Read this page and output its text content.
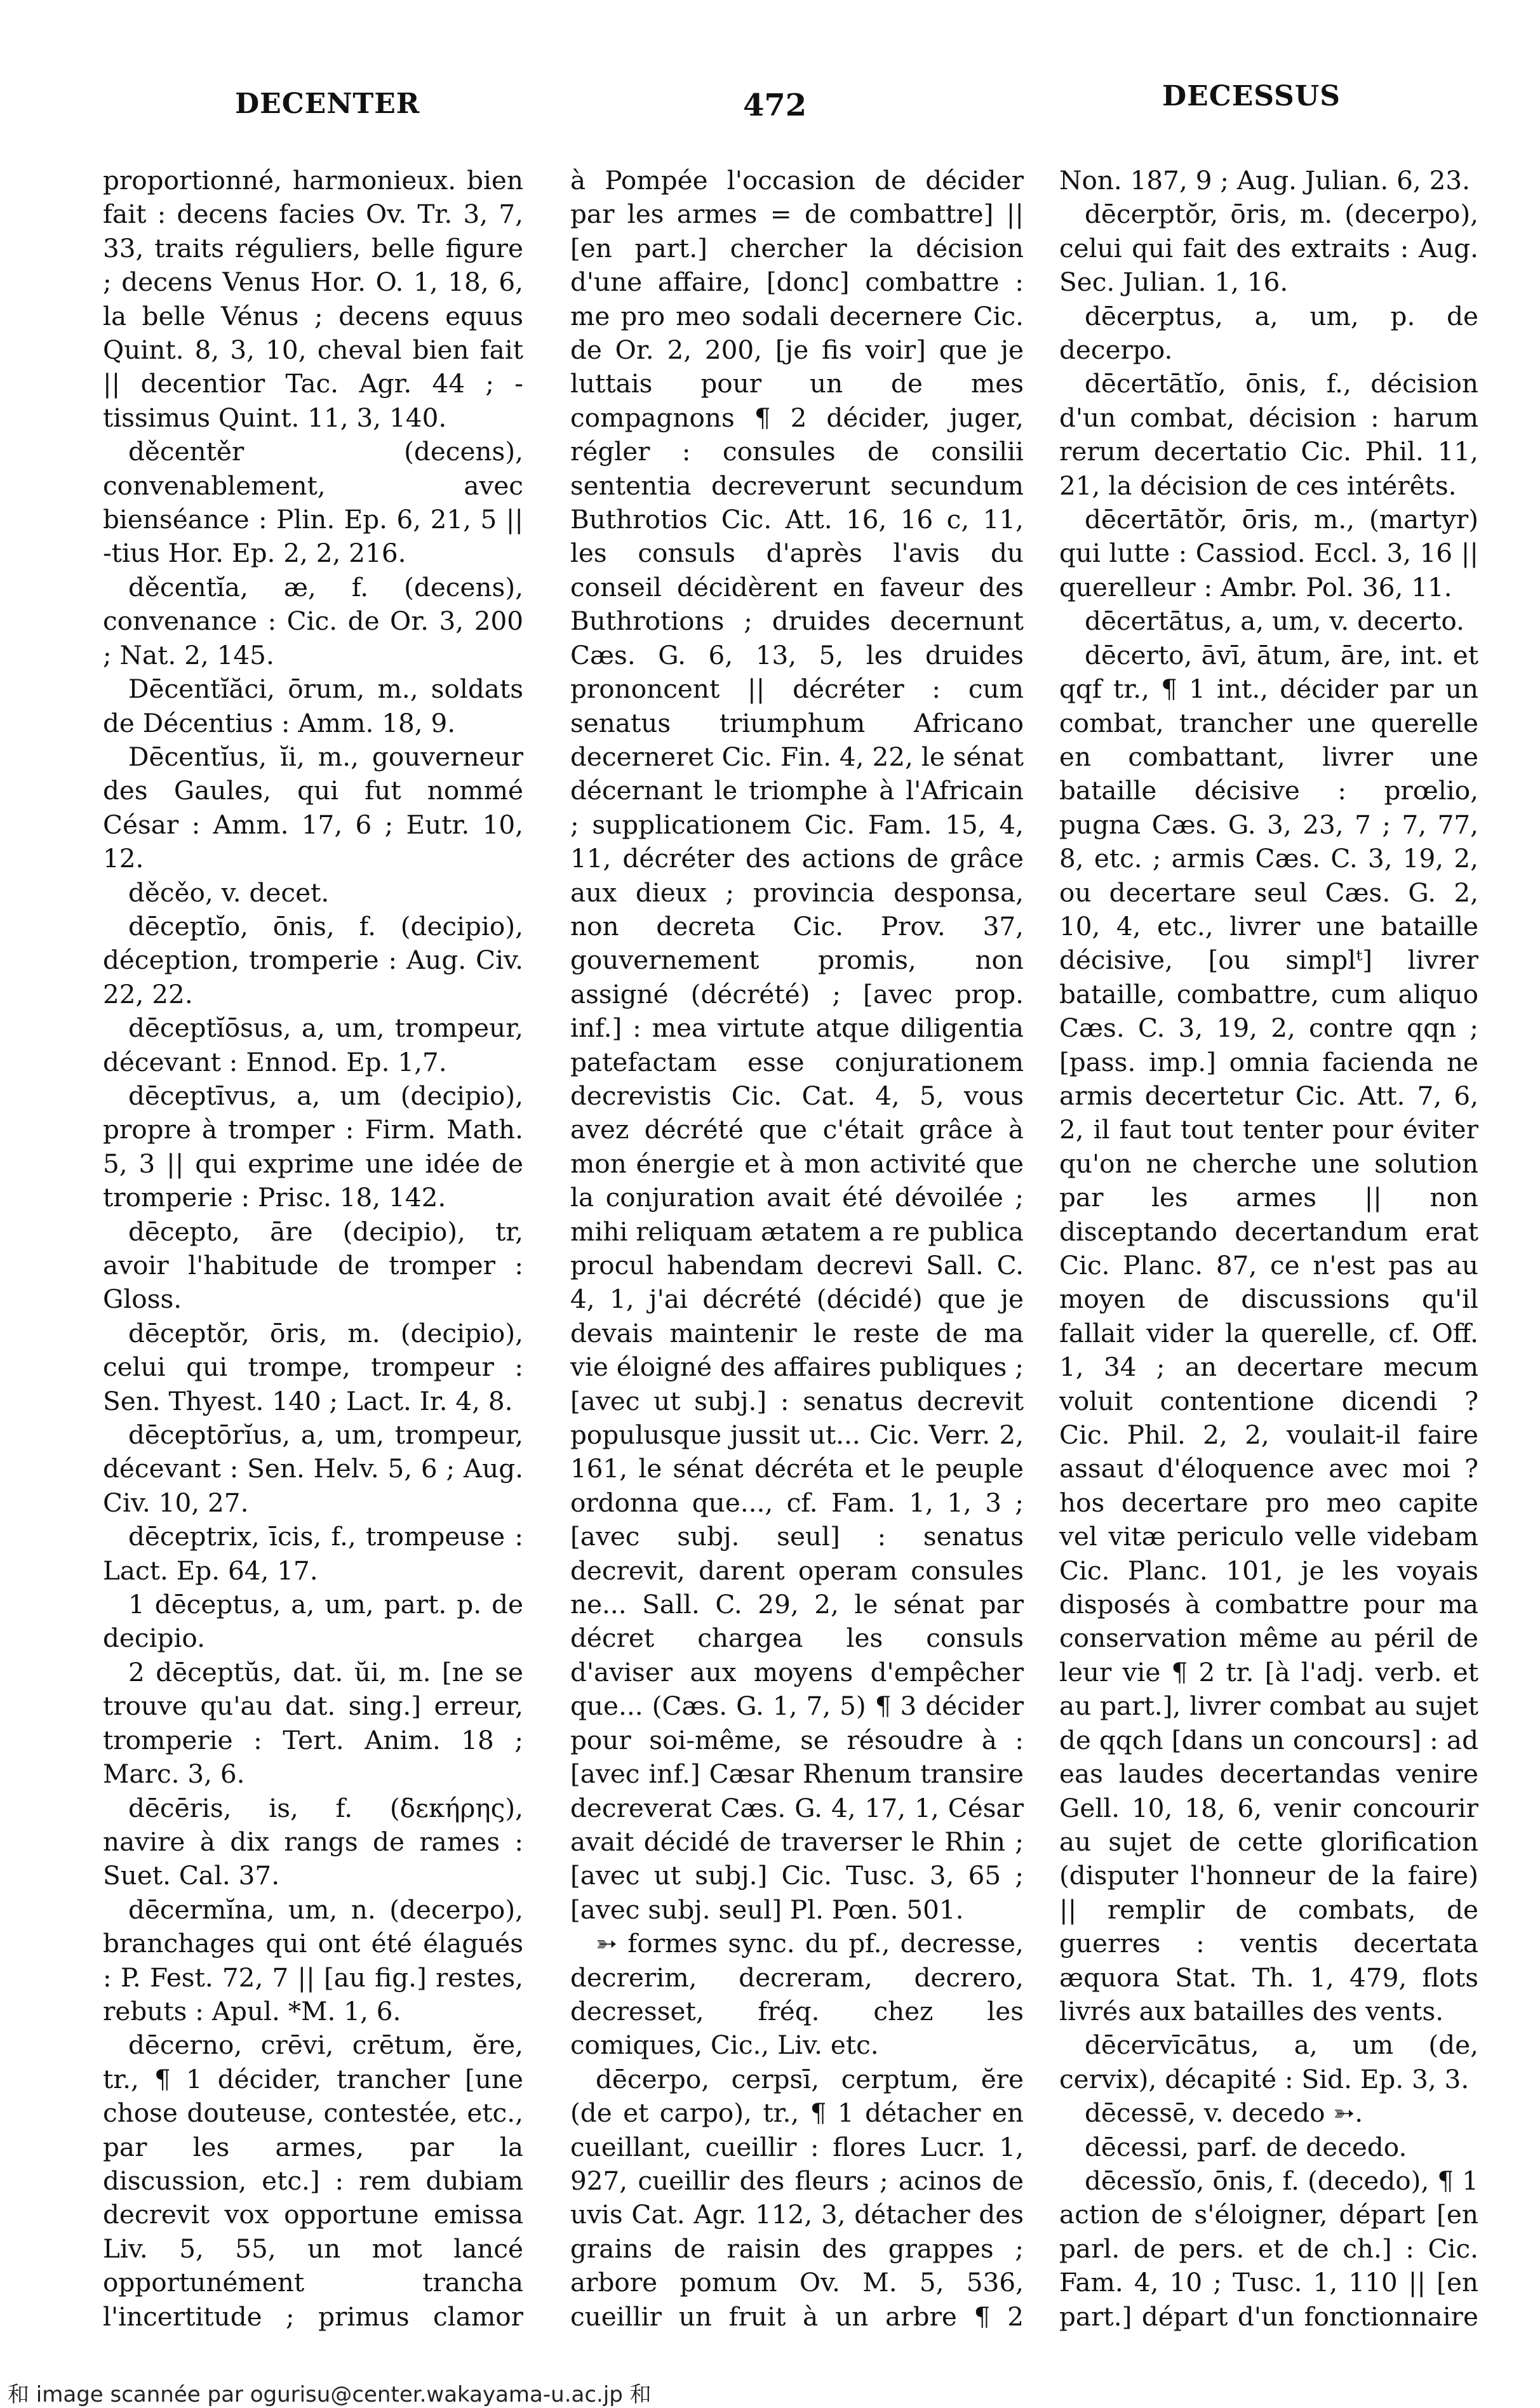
DECENTER	472	DECESSUS

proportionné, harmonieux. bien fait : decens facies Ov. Tr. 3, 7, 33, traits réguliers, belle figure ; decens Venus Hor. O. 1, 18, 6, la belle Vénus ; decens equus Quint. 8, 3, 10, cheval bien fait || decentior Tac. Agr. 44 ; -tissimus Quint. 11, 3, 140.

děcentěr (decens), convenablement, avec bienséance : Plin. Ep. 6, 21, 5 || -tius Hor. Ep. 2, 2, 216.

děcentĭa, æ, f. (decens), convenance : Cic. de Or. 3, 200 ; Nat. 2, 145.

Dēcentĭăci, ōrum, m., soldats de Décentius : Amm. 18, 9.

Dēcentĭus, ĭi, m., gouverneur des Gaules, qui fut nommé César : Amm. 17, 6 ; Eutr. 10, 12.

děcěo, v. decet.

dēceptĭo, ōnis, f. (decipio), déception, tromperie : Aug. Civ. 22, 22.

dēceptĭōsus, a, um, trompeur, décevant : Ennod. Ep. 1,7.

dēceptīvus, a, um (decipio), propre à tromper : Firm. Math. 5, 3 || qui exprime une idée de tromperie : Prisc. 18, 142.

dēcepto, āre (decipio), tr, avoir l'habitude de tromper : Gloss.

dēceptŏr, ōris, m. (decipio), celui qui trompe, trompeur : Sen. Thyest. 140 ; Lact. Ir. 4, 8.

dēceptōrĭus, a, um, trompeur, décevant : Sen. Helv. 5, 6 ; Aug. Civ. 10, 27.

dēceptrix, īcis, f., trompeuse : Lact. Ep. 64, 17.

1 dēceptus, a, um, part. p. de decipio.

2 dēceptŭs, dat. ŭi, m. [ne se trouve qu'au dat. sing.] erreur, tromperie : Tert. Anim. 18 ; Marc. 3, 6.

dēcēris, is, f. (δεκήρης), navire à dix rangs de rames : Suet. Cal. 37.

dēcermĭna, um, n. (decerpo), branchages qui ont été élagués : P. Fest. 72, 7 || [au fig.] restes, rebuts : Apul. *M. 1, 6.

dēcerno, crēvi, crētum, ĕre, tr., ¶ 1 décider, trancher [une chose douteuse, contestée, etc., par les armes, par la discussion, etc.] : rem dubiam decrevit vox opportune emissa Liv. 5, 55, un mot lancé opportunément trancha l'incertitude ; primus clamor

à Pompée l'occasion de décider par les armes = de combattre] || [en part.] chercher la décision d'une affaire, [donc] combattre : me pro meo sodali decernere Cic. de Or. 2, 200, [je fis voir] que je luttais pour un de mes compagnons ¶ 2 décider, juger, régler : consules de consilii sententia decreverunt secundum Buthrotios Cic. Att. 16, 16 c, 11, les consuls d'après l'avis du conseil décidèrent en faveur des Buthrotions ; druides decernunt Cæs. G. 6, 13, 5, les druides prononcent || décréter : cum senatus triumphum Africano decerneret Cic. Fin. 4, 22, le sénat décernant le triomphe à l'Africain ; supplicationem Cic. Fam. 15, 4, 11, décréter des actions de grâce aux dieux ; provincia desponsa, non decreta Cic. Prov. 37, gouvernement promis, non assigné (décrété) ; [avec prop. inf.] : mea virtute atque diligentia patefactam esse conjurationem decrevistis Cic. Cat. 4, 5, vous avez décrété que c'était grâce à mon énergie et à mon activité que la conjuration avait été dévoilée ; mihi reliquam ætatem a re publica procul habendam decrevi Sall. C. 4, 1, j'ai décrété (décidé) que je devais maintenir le reste de ma vie éloigné des affaires publiques ; [avec ut subj.] : senatus decrevit populusque jussit ut... Cic. Verr. 2, 161, le sénat décréta et le peuple ordonna que..., cf. Fam. 1, 1, 3 ; [avec subj. seul] : senatus decrevit, darent operam consules ne... Sall. C. 29, 2, le sénat par décret chargea les consuls d'aviser aux moyens d'empêcher que... (Cæs. G. 1, 7, 5) ¶ 3 décider pour soi-même, se résoudre à : [avec inf.] Cæsar Rhenum transire decreverat Cæs. G. 4, 17, 1, César avait décidé de traverser le Rhin ; [avec ut subj.] Cic. Tusc. 3, 65 ; [avec subj. seul] Pl. Pœn. 501.

➳ formes sync. du pf., decresse, decrerim, decreram, decrero, decresset, fréq. chez les comiques, Cic., Liv. etc.

dēcerpo, cerpsī, cerptum, ĕre (de et carpo), tr., ¶ 1 détacher en cueillant, cueillir : flores Lucr. 1, 927, cueillir des fleurs ; acinos de uvis Cat. Agr. 112, 3, détacher des grains de raisin des grappes ; arbore pomum Ov. M. 5, 536, cueillir un fruit à un arbre ¶ 2

Non. 187, 9 ; Aug. Julian. 6, 23.

dēcerptŏr, ōris, m. (decerpo), celui qui fait des extraits : Aug. Sec. Julian. 1, 16.

dēcerptus, a, um, p. de decerpo.

dēcertātĭo, ōnis, f., décision d'un combat, décision : harum rerum decertatio Cic. Phil. 11, 21, la décision de ces intérêts.

dēcertātŏr, ōris, m., (martyr) qui lutte : Cassiod. Eccl. 3, 16 || querelleur : Ambr. Pol. 36, 11.

dēcertātus, a, um, v. decerto.

dēcerto, āvī, ātum, āre, int. et qqf tr., ¶ 1 int., décider par un combat, trancher une querelle en combattant, livrer une bataille décisive : prœlio, pugna Cæs. G. 3, 23, 7 ; 7, 77, 8, etc. ; armis Cæs. C. 3, 19, 2, ou decertare seul Cæs. G. 2, 10, 4, etc., livrer une bataille décisive, [ou simplᵗ] livrer bataille, combattre, cum aliquo Cæs. C. 3, 19, 2, contre qqn ; [pass. imp.] omnia facienda ne armis decertetur Cic. Att. 7, 6, 2, il faut tout tenter pour éviter qu'on ne cherche une solution par les armes || non disceptando decertandum erat Cic. Planc. 87, ce n'est pas au moyen de discussions qu'il fallait vider la querelle, cf. Off. 1, 34 ; an decertare mecum voluit contentione dicendi ? Cic. Phil. 2, 2, voulait-il faire assaut d'éloquence avec moi ? hos decertare pro meo capite vel vitæ periculo velle videbam Cic. Planc. 101, je les voyais disposés à combattre pour ma conservation même au péril de leur vie ¶ 2 tr. [à l'adj. verb. et au part.], livrer combat au sujet de qqch [dans un concours] : ad eas laudes decertandas venire Gell. 10, 18, 6, venir concourir au sujet de cette glorification (disputer l'honneur de la faire) || remplir de combats, de guerres : ventis decertata æquora Stat. Th. 1, 479, flots livrés aux batailles des vents.

dēcervīcātus, a, um (de, cervix), décapité : Sid. Ep. 3, 3.

dēcessē, v. decedo ➳.

dēcessi, parf. de decedo.

dēcessĭo, ōnis, f. (decedo), ¶ 1 action de s'éloigner, départ [en parl. de pers. et de ch.] : Cic. Fam. 4, 10 ; Tusc. 1, 110 || [en part.] départ d'un fonctionnaire

和 image scannée par ogurisu@center.wakayama-u.ac.jp 和
